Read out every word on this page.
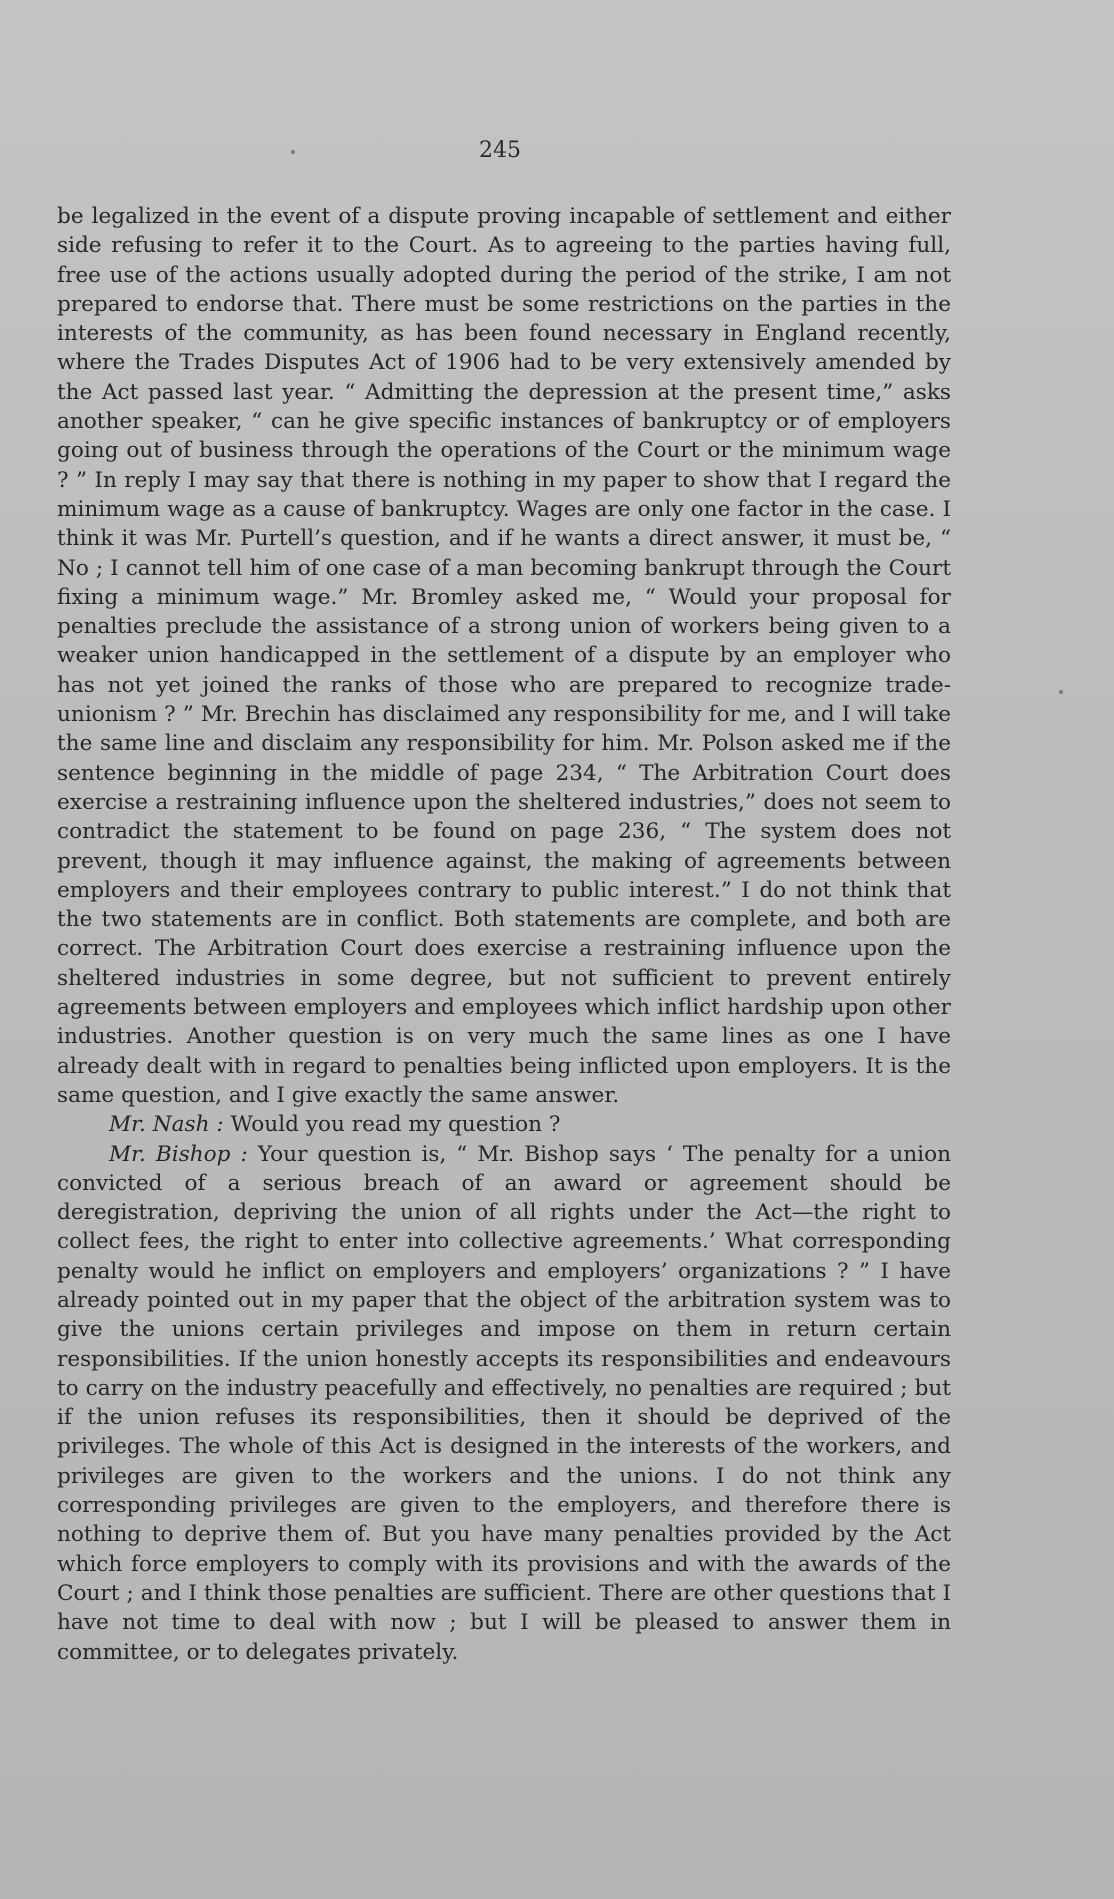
245

be legalized in the event of a dispute proving incapable of settlement and either side refusing to refer it to the Court. As to agreeing to the parties having full, free use of the actions usually adopted during the period of the strike, I am not prepared to endorse that. There must be some restrictions on the parties in the interests of the community, as has been found necessary in England recently, where the Trades Disputes Act of 1906 had to be very extensively amended by the Act passed last year. “ Admitting the depression at the present time,” asks another speaker, “ can he give specific instances of bankruptcy or of employers going out of business through the operations of the Court or the minimum wage ? ” In reply I may say that there is nothing in my paper to show that I regard the minimum wage as a cause of bankruptcy. Wages are only one factor in the case. I think it was Mr. Purtell’s question, and if he wants a direct answer, it must be, “ No ; I cannot tell him of one case of a man becoming bankrupt through the Court fixing a minimum wage.” Mr. Bromley asked me, “ Would your proposal for penalties preclude the assistance of a strong union of workers being given to a weaker union handicapped in the settlement of a dispute by an employer who has not yet joined the ranks of those who are prepared to recognize trade-unionism ? ” Mr. Brechin has disclaimed any responsibility for me, and I will take the same line and disclaim any responsibility for him. Mr. Polson asked me if the sentence beginning in the middle of page 234, “ The Arbitration Court does exercise a restraining influence upon the sheltered industries,” does not seem to contradict the statement to be found on page 236, “ The system does not prevent, though it may influence against, the making of agreements between employers and their employees contrary to public interest.” I do not think that the two statements are in conflict. Both statements are complete, and both are correct. The Arbitration Court does exercise a restraining influence upon the sheltered industries in some degree, but not sufficient to prevent entirely agreements between employers and employees which inflict hardship upon other industries. Another question is on very much the same lines as one I have already dealt with in regard to penalties being inflicted upon employers. It is the same question, and I give exactly the same answer.

Mr. Nash : Would you read my question ?

Mr. Bishop : Your question is, “ Mr. Bishop says ‘ The penalty for a union convicted of a serious breach of an award or agreement should be deregistration, depriving the union of all rights under the Act—the right to collect fees, the right to enter into collective agreements.’ What corresponding penalty would he inflict on employers and employers’ organizations ? ” I have already pointed out in my paper that the object of the arbitration system was to give the unions certain privileges and impose on them in return certain responsibilities. If the union honestly accepts its responsibilities and endeavours to carry on the industry peacefully and effectively, no penalties are required ; but if the union refuses its responsibilities, then it should be deprived of the privileges. The whole of this Act is designed in the interests of the workers, and privileges are given to the workers and the unions. I do not think any corresponding privileges are given to the employers, and therefore there is nothing to deprive them of. But you have many penalties provided by the Act which force employers to comply with its provisions and with the awards of the Court ; and I think those penalties are sufficient. There are other questions that I have not time to deal with now ; but I will be pleased to answer them in committee, or to delegates privately.
